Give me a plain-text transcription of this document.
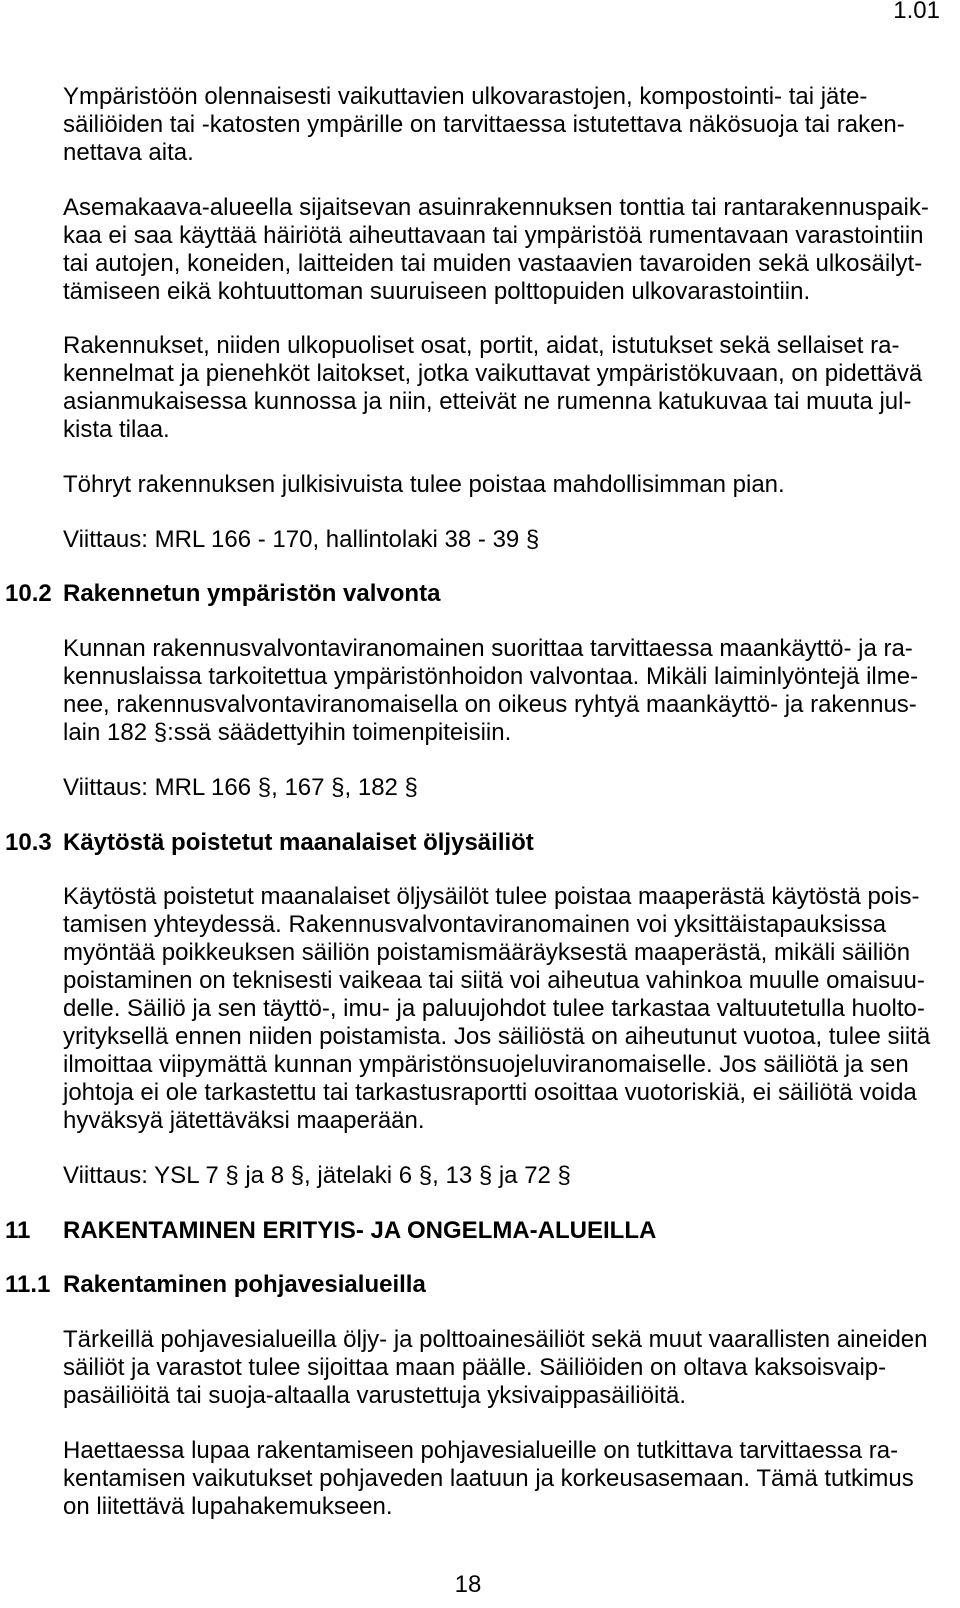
1.01
Ympäristöön olennaisesti vaikuttavien ulkovarastojen, kompostointi- tai jäte-
säiliöiden tai -katosten ympärille on tarvittaessa istutettava näkösuoja tai raken-
nettava aita.
Asemakaava-alueella sijaitsevan asuinrakennuksen tonttia tai rantarakennuspaik-
kaa ei saa käyttää häiriötä aiheuttavaan tai ympäristöä rumentavaan varastointiin
tai autojen, koneiden, laitteiden tai muiden vastaavien tavaroiden sekä ulkosäilyt-
tämiseen eikä kohtuuttoman suuruiseen polttopuiden ulkovarastointiin.
Rakennukset, niiden ulkopuoliset osat, portit, aidat, istutukset sekä sellaiset ra-
kennelmat ja pienehköt laitokset, jotka vaikuttavat ympäristökuvaan, on pidettävä
asianmukaisessa kunnossa ja niin, etteivät ne rumenna katukuvaa tai muuta jul-
kista tilaa.
Töhryt rakennuksen julkisivuista tulee poistaa mahdollisimman pian.
Viittaus: MRL 166 - 170, hallintolaki 38 - 39 §
10.2 Rakennetun ympäristön valvonta
Kunnan rakennusvalvontaviranomainen suorittaa tarvittaessa maankäyttö- ja ra-
kennuslaissa tarkoitettua ympäristönhoidon valvontaa. Mikäli laiminlyöntejä ilme-
nee, rakennusvalvontaviranomaisella on oikeus ryhtyä maankäyttö- ja rakennus-
lain 182 §:ssä säädettyihin toimenpiteisiin.
Viittaus: MRL 166 §, 167 §, 182 §
10.3 Käytöstä poistetut maanalaiset öljysäiliöt
Käytöstä poistetut maanalaiset öljysäilöt tulee poistaa maaperästä käytöstä pois-
tamisen yhteydessä. Rakennusvalvontaviranomainen voi yksittäistapauksissa
myöntää poikkeuksen säiliön poistamismääräyksestä maaperästä, mikäli säiliön
poistaminen on teknisesti vaikeaa tai siitä voi aiheutua vahinkoa muulle omaisuu-
delle. Säiliö ja sen täyttö-, imu- ja paluujohdot tulee tarkastaa valtuutetulla huolto-
yrityksellä ennen niiden poistamista. Jos säiliöstä on aiheutunut vuotoa, tulee siitä
ilmoittaa viipymättä kunnan ympäristönsuojeluviranomaiselle. Jos säiliötä ja sen
johtoja ei ole tarkastettu tai tarkastusraportti osoittaa vuotoriskiä, ei säiliötä voida
hyväksyä jätettäväksi maaperään.
Viittaus: YSL 7 § ja 8 §, jätelaki 6 §, 13 § ja 72 §
11	RAKENTAMINEN ERITYIS- JA ONGELMA-ALUEILLA
11.1 Rakentaminen pohjavesialueilla
Tärkeillä pohjavesialueilla öljy- ja polttoainesäiliöt sekä muut vaarallisten aineiden
säiliöt ja varastot tulee sijoittaa maan päälle. Säiliöiden on oltava kaksoisvaip-
pasäiliöitä tai suoja-altaalla varustettuja yksivaippasäiliöitä.
Haettaessa lupaa rakentamiseen pohjavesialueille on tutkittava tarvittaessa ra-
kentamisen vaikutukset pohjaveden laatuun ja korkeusasemaan. Tämä tutkimus
on liitettävä lupahakemukseen.
18
